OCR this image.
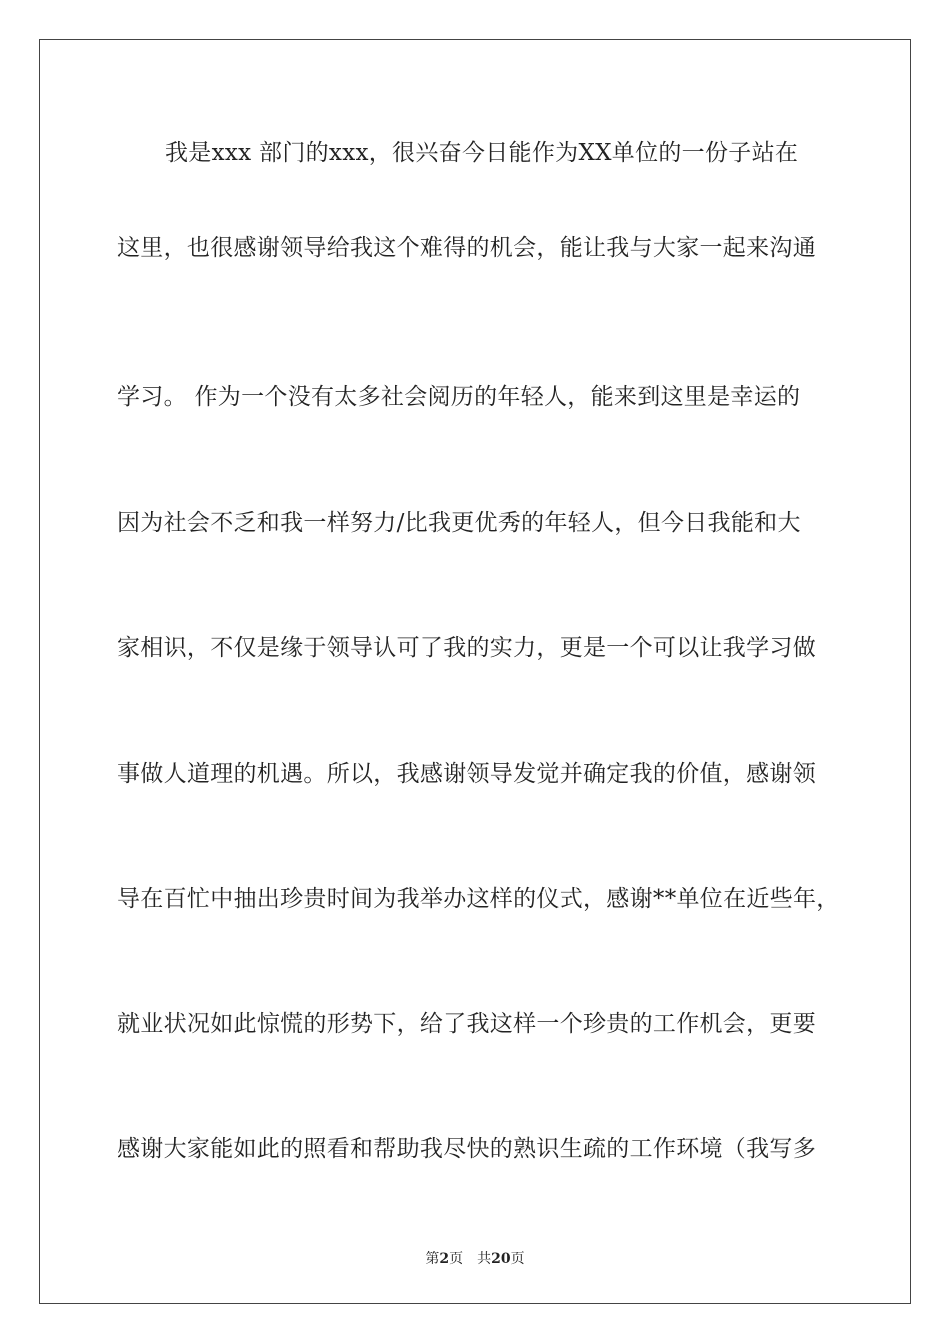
我是xxx 部门的xxx，很兴奋今日能作为XX单位的一份子站在
这里，也很感谢领导给我这个难得的机会，能让我与大家一起来沟通
学习。 作为一个没有太多社会阅历的年轻人，能来到这里是幸运的
因为社会不乏和我一样努力/比我更优秀的年轻人，但今日我能和大
家相识，不仅是缘于领导认可了我的实力，更是一个可以让我学习做
事做人道理的机遇。所以，我感谢领导发觉并确定我的价值，感谢领
导在百忙中抽出珍贵时间为我举办这样的仪式，感谢**单位在近些年，
就业状况如此惊慌的形势下，给了我这样一个珍贵的工作机会，更要
感谢大家能如此的照看和帮助我尽快的熟识生疏的工作环境（我写多
第2页 共20页
